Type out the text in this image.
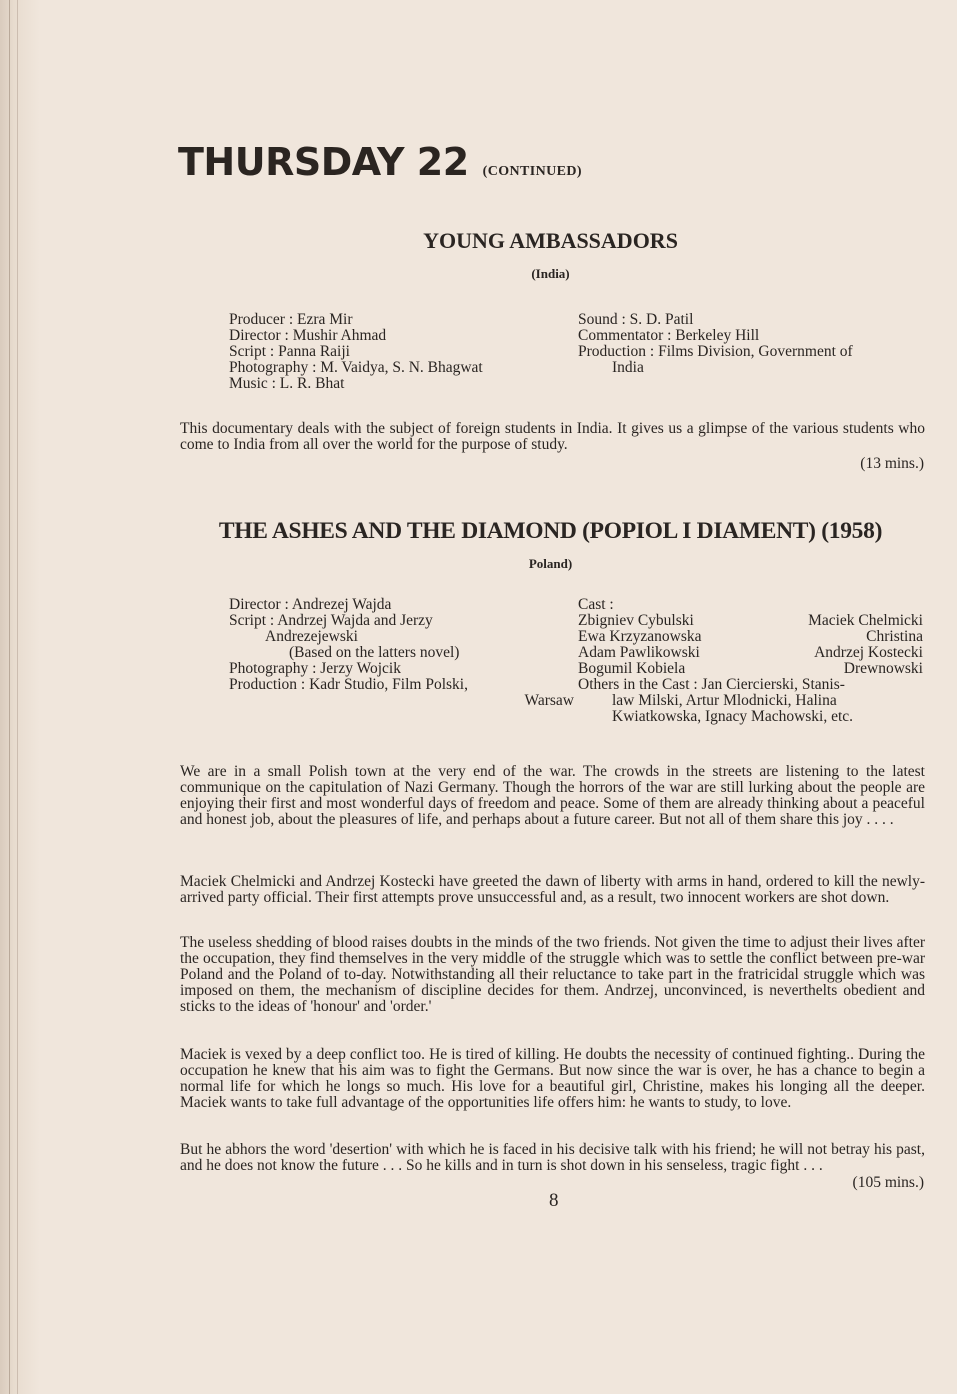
THURSDAY 22 (CONTINUED)
YOUNG AMBASSADORS
(India)
Producer : Ezra Mir
Director : Mushir Ahmad
Script : Panna Raiji
Photography : M. Vaidya, S. N. Bhagwat
Music : L. R. Bhat
Sound : S. D. Patil
Commentator : Berkeley Hill
Production : Films Division, Government of
India

This documentary deals with the subject of foreign students in India. It gives us a glimpse of the various students who come to India from all over the world for the purpose of study.

(13 mins.)
THE ASHES AND THE DIAMOND (POPIOL I DIAMENT) (1958)
Poland)
Director : Andrezej Wajda
Script : Andrzej Wajda and Jerzy
Andrezejewski
(Based on the latters novel)
Photography : Jerzy Wojcik
Production : Kadr Studio, Film Polski,
Warsaw
Cast :
Zbigniev Cybulski	Maciek Chelmicki
Ewa Krzyzanowska	Christina
Adam Pawlikowski	Andrzej Kostecki
Bogumil Kobiela	Drewnowski
Others in the Cast : Jan Ciercierski, Stanis-
law Milski, Artur Mlodnicki, Halina
Kwiatkowska, Ignacy Machowski, etc.

We are in a small Polish town at the very end of the war. The crowds in the streets are listening to the latest communique on the capitulation of Nazi Germany. Though the horrors of the war are still lurking about the people are enjoying their first and most wonderful days of freedom and peace. Some of them are already thinking about a peaceful and honest job, about the pleasures of life, and perhaps about a future career. But not all of them share this joy . . . .

Maciek Chelmicki and Andrzej Kostecki have greeted the dawn of liberty with arms in hand, ordered to kill the newly-arrived party official. Their first attempts prove unsuccessful and, as a result, two innocent workers are shot down.

The useless shedding of blood raises doubts in the minds of the two friends. Not given the time to adjust their lives after the occupation, they find themselves in the very middle of the struggle which was to settle the conflict between pre-war Poland and the Poland of to-day. Notwithstanding all their reluctance to take part in the fratricidal struggle which was imposed on them, the mechanism of discipline decides for them. Andrzej, unconvinced, is neverthelts obedient and sticks to the ideas of 'honour' and 'order.'

Maciek is vexed by a deep conflict too. He is tired of killing. He doubts the necessity of continued fighting.. During the occupation he knew that his aim was to fight the Germans. But now since the war is over, he has a chance to begin a normal life for which he longs so much. His love for a beautiful girl, Christine, makes his longing all the deeper. Maciek wants to take full advantage of the opportunities life offers him: he wants to study, to love.

But he abhors the word 'desertion' with which he is faced in his decisive talk with his friend; he will not betray his past, and he does not know the future . . . So he kills and in turn is shot down in his senseless, tragic fight . . .

(105 mins.)
8
